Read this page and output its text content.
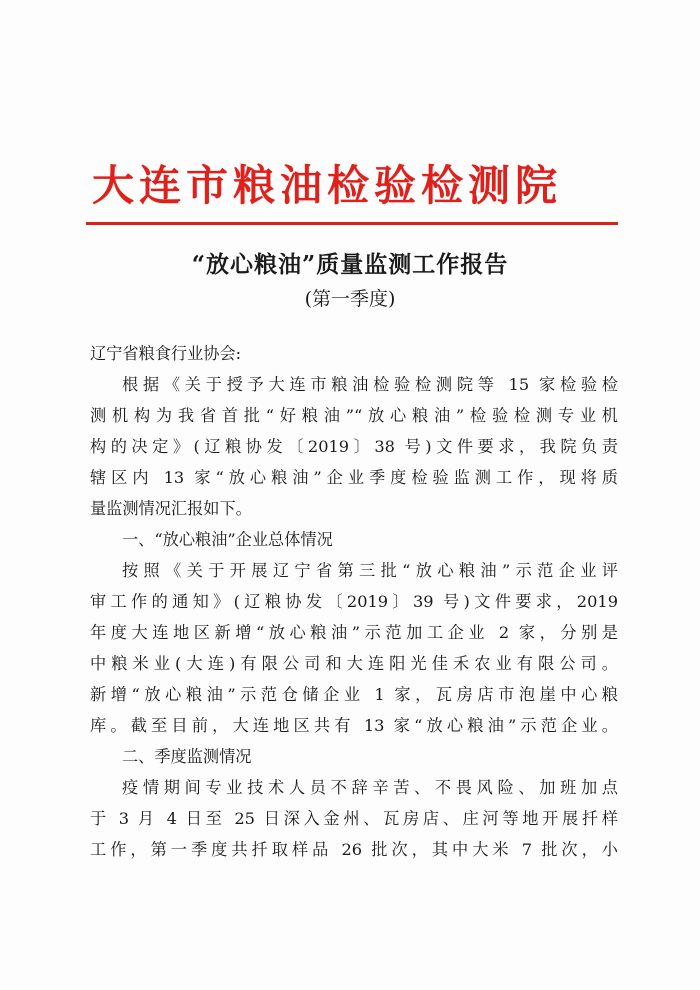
大连市粮油检验检测院
“放心粮油”质量监测工作报告
(第一季度)
辽宁省粮食行业协会:
根据《关于授予大连市粮油检验检测院等 15 家检验检
测机构为我省首批“好粮油”“放心粮油”检验检测专业机
构的决定》(辽粮协发〔2019〕38 号)文件要求，我院负责
辖区内 13 家“放心粮油”企业季度检验监测工作，现将质
量监测情况汇报如下。
一、“放心粮油”企业总体情况
按照《关于开展辽宁省第三批“放心粮油”示范企业评
审工作的通知》(辽粮协发〔2019〕39 号)文件要求，2019
年度大连地区新增“放心粮油”示范加工企业 2 家，分别是
中粮米业(大连)有限公司和大连阳光佳禾农业有限公司。
新增“放心粮油”示范仓储企业 1 家，瓦房店市泡崖中心粮
库。截至目前，大连地区共有 13 家“放心粮油”示范企业。
二、季度监测情况
疫情期间专业技术人员不辞辛苦、不畏风险、加班加点
于 3 月 4 日至 25 日深入金州、瓦房店、庄河等地开展扦样
工作，第一季度共扦取样品 26 批次，其中大米 7 批次，小
